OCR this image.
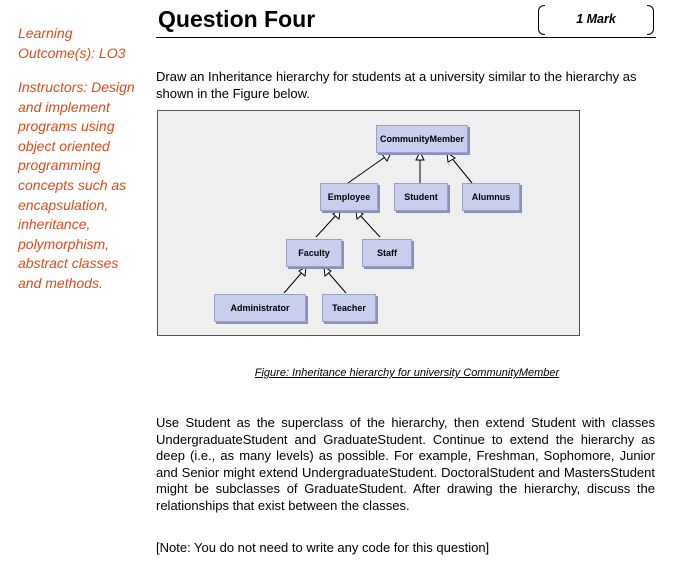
Learning Outcome(s): LO3
Instructors: Design and implement programs using object oriented programming concepts such as encapsulation, inheritance, polymorphism, abstract classes and methods.
Question Four	1 Mark

Draw an Inheritance hierarchy for students at a university similar to the hierarchy as shown in the Figure below.

CommunityMember
Employee	Student	Alumnus
Faculty	Staff
Administrator	Teacher
Figure: Inheritance hierarchy for university CommunityMember

Use Student as the superclass of the hierarchy, then extend Student with classes UndergraduateStudent and GraduateStudent. Continue to extend the hierarchy as deep (i.e., as many levels) as possible. For example, Freshman, Sophomore, Junior and Senior might extend UndergraduateStudent. DoctoralStudent and MastersStudent might be subclasses of GraduateStudent. After drawing the hierarchy, discuss the relationships that exist between the classes.

[Note: You do not need to write any code for this question]
